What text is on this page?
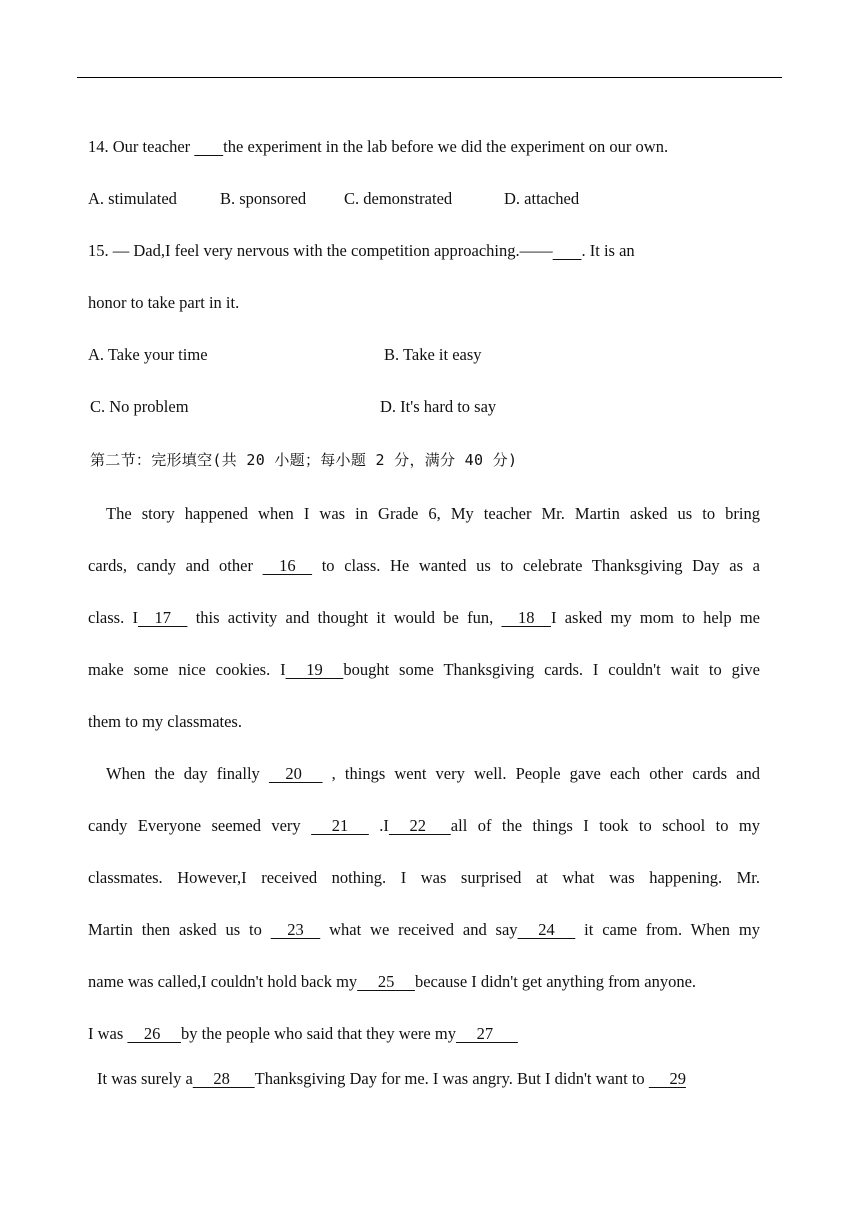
14. Our teacher        the experiment in the lab before we did the experiment on our own.
A. stimulated	B. sponsored C. demonstrated	D. attached
15. — Dad,I feel very nervous with the competition approaching.—— . It is an
honor to take part in it.
A. Take your time	B. Take it easy
C. No problem	D. It's hard to say
第二节：完形填空(共 20 小题；每小题 2 分，满分 40 分)
The story happened when I was in Grade 6, My teacher Mr. Martin asked us to bring
cards, candy and other     16     to class. He wanted us to celebrate Thanksgiving Day as a
class. I    17     this activity and thought it would be fun,     18    I asked my mom to help me
make some nice cookies. I     19     bought some Thanksgiving cards. I couldn't wait to give
them to my classmates.
When the day finally     20      , things went very well. People gave each other cards and
candy Everyone seemed very      21      .I     22      all of the things I took to school to my
classmates. However,I received nothing. I was surprised at what was happening. Mr.
Martin then asked us to     23     what we received and say     24      it came from. When my
name was called,I couldn't hold back my     25     because I didn't get anything from anyone.
I was     26     by the people who said that they were my     27
It was surely a     28      Thanksgiving Day for me. I was angry. But I didn't want to      29
